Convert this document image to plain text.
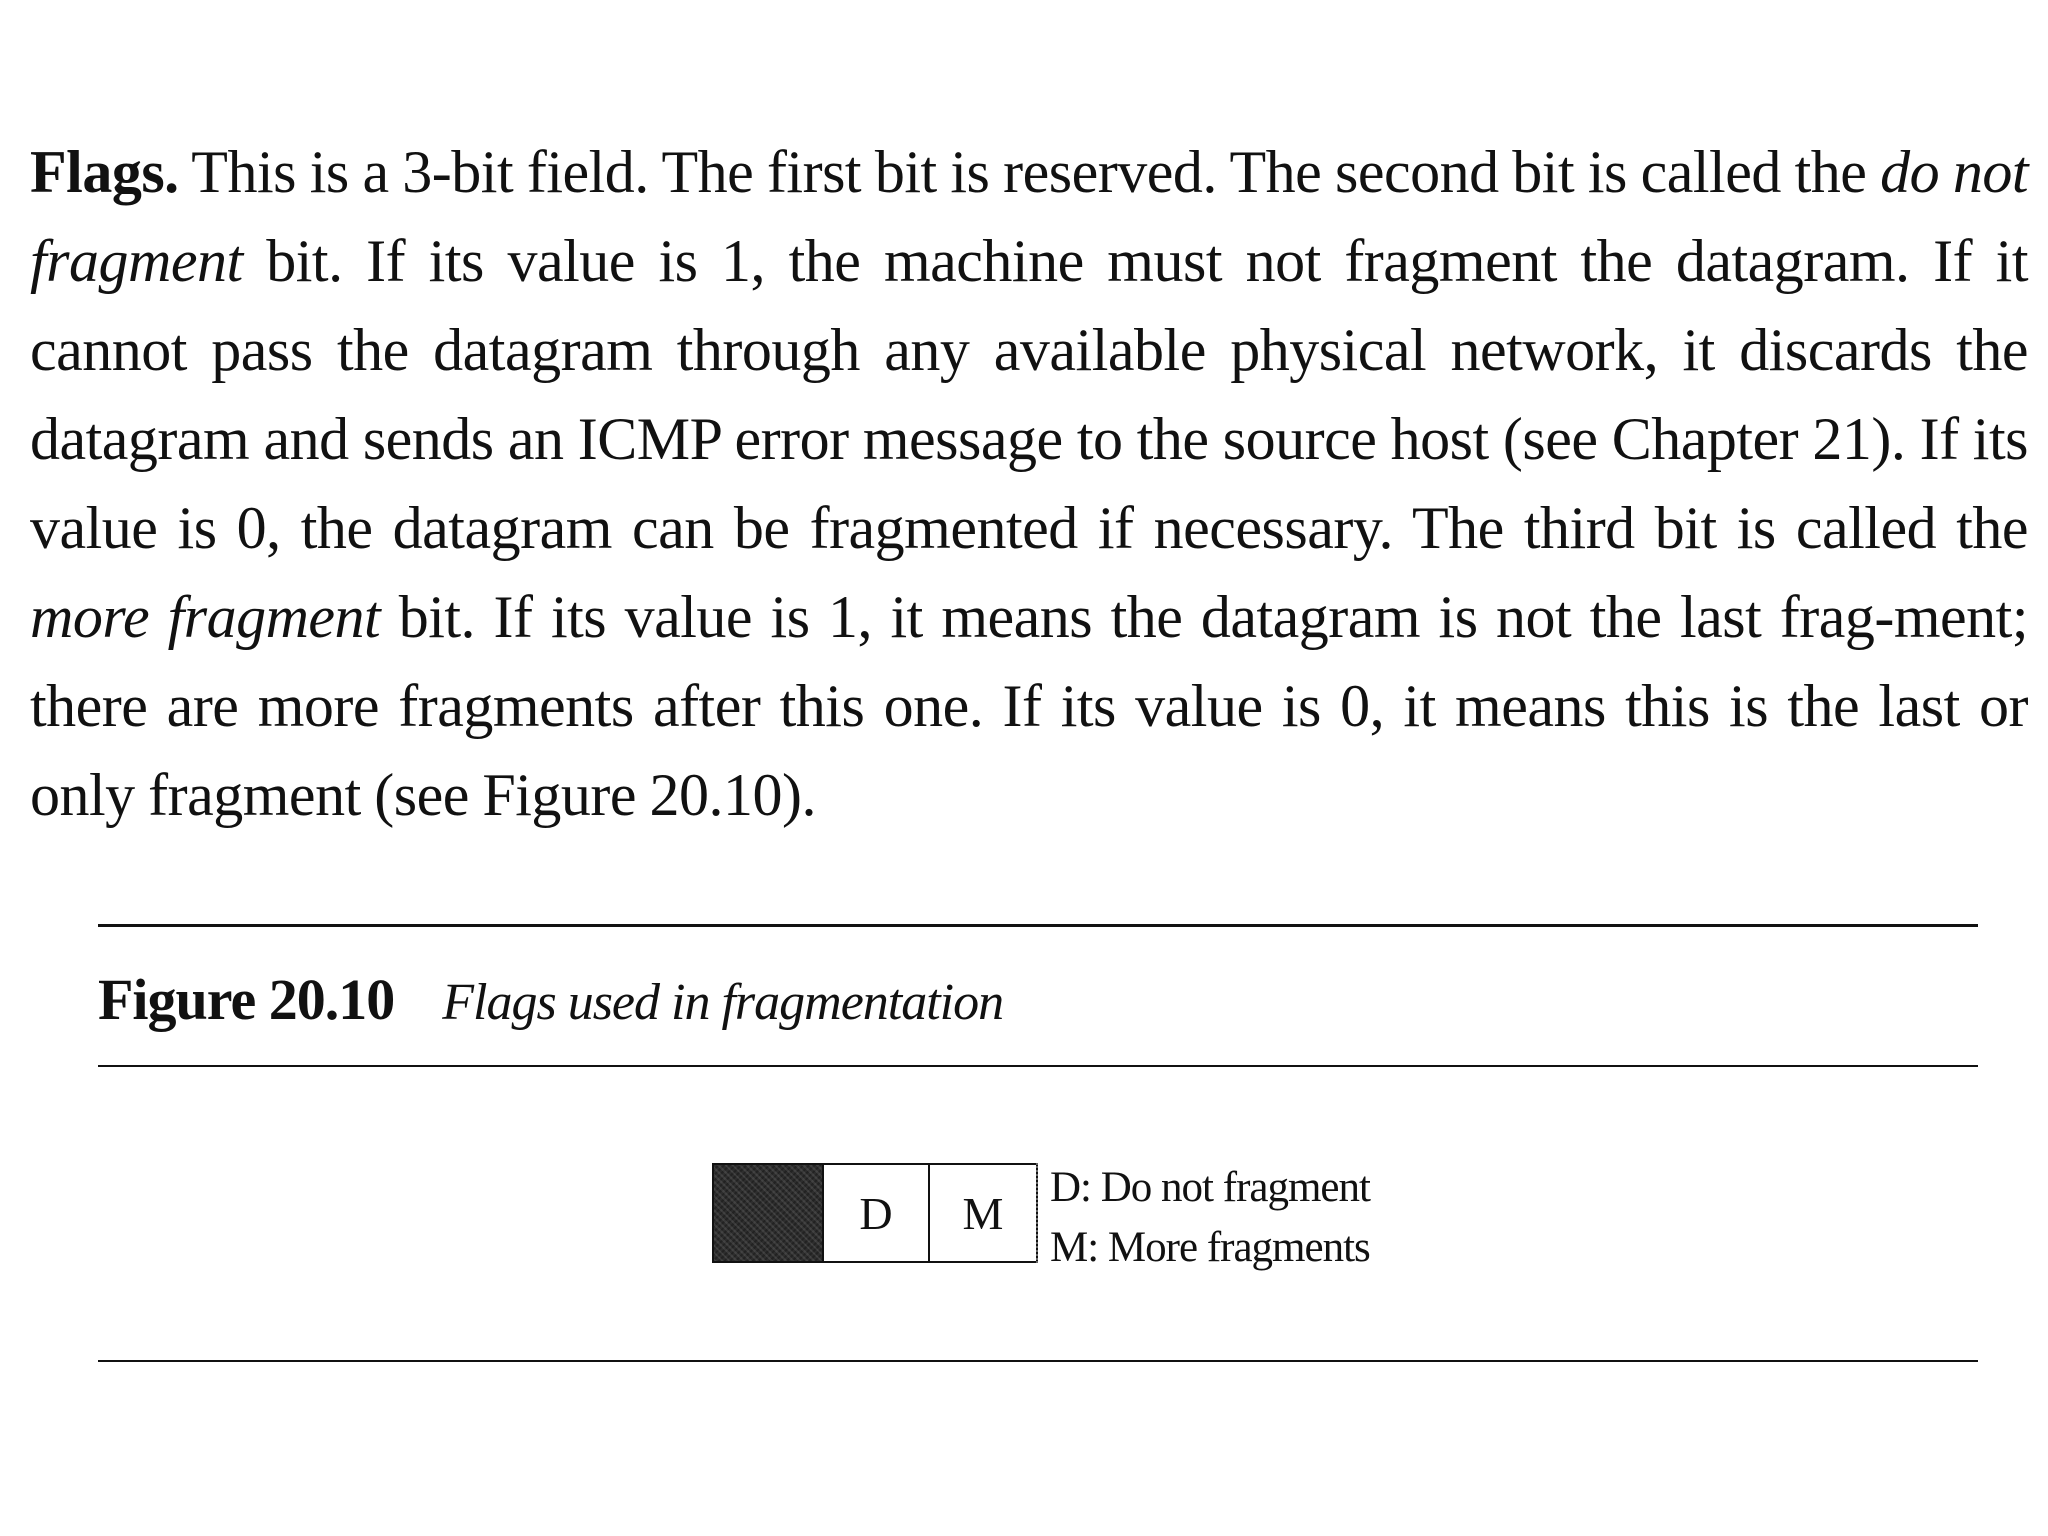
Flags. This is a 3-bit field. The first bit is reserved. The second bit is called the do not fragment bit. If its value is 1, the machine must not fragment the datagram. If it cannot pass the datagram through any available physical network, it discards the datagram and sends an ICMP error message to the source host (see Chapter 21). If its value is 0, the datagram can be fragmented if necessary. The third bit is called the more fragment bit. If its value is 1, it means the datagram is not the last frag-ment; there are more fragments after this one. If its value is 0, it means this is the last or only fragment (see Figure 20.10).
Figure 20.10 Flags used in fragmentation
D	M	D: Do not fragment
M: More fragments
